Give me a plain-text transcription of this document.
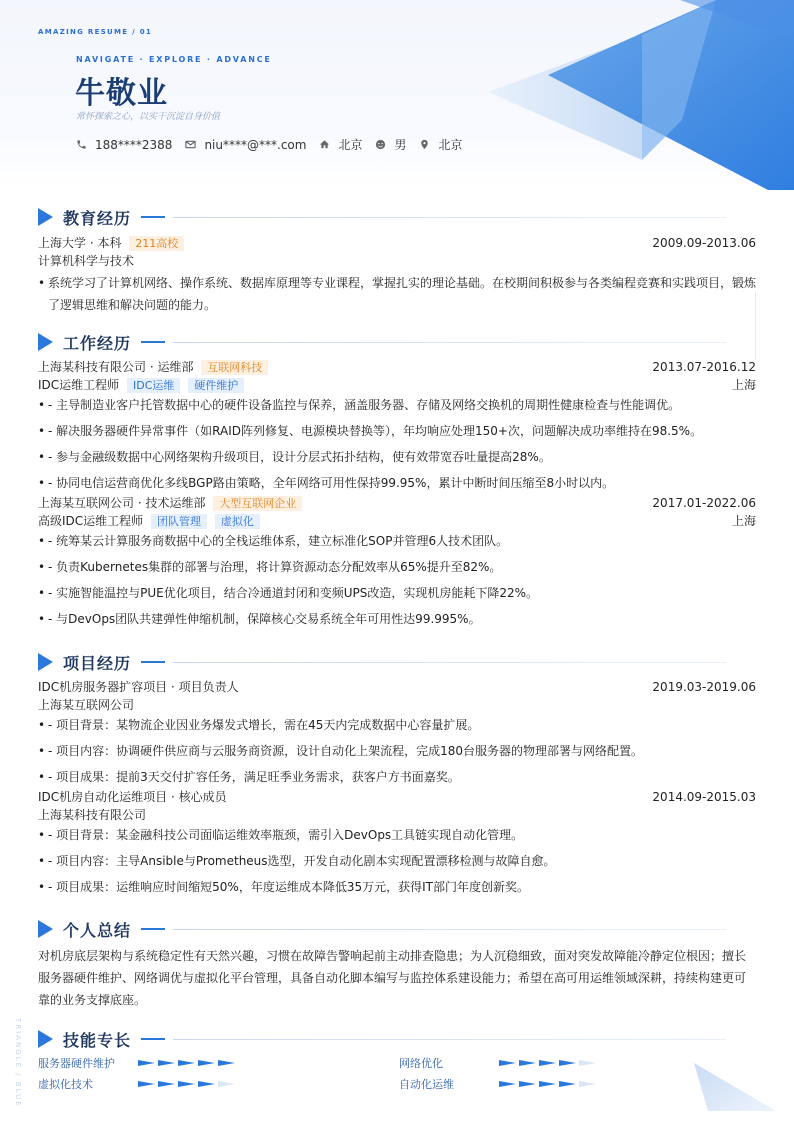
AMAZING RESUME / 01
NAVIGATE · EXPLORE · ADVANCE
牛敬业
常怀探索之心，以实干沉淀自身价值
188****2388	niu****@***.com	北京	男	北京
教育经历
上海大学 · 本科 211高校	2009.09-2013.06
计算机科学与技术
• 系统学习了计算机网络、操作系统、数据库原理等专业课程，掌握扎实的理论基础。在校期间积极参与各类编程竞赛和实践项目，锻炼了逻辑思维和解决问题的能力。
工作经历
上海某科技有限公司 · 运维部 互联网科技	2013.07-2016.12
IDC运维工程师 IDC运维 硬件维护	上海
• - 主导制造业客户托管数据中心的硬件设备监控与保养，涵盖服务器、存储及网络交换机的周期性健康检查与性能调优。
• - 解决服务器硬件异常事件（如RAID阵列修复、电源模块替换等），年均响应处理150+次，问题解决成功率维持在98.5%。
• - 参与金融级数据中心网络架构升级项目，设计分层式拓扑结构，使有效带宽吞吐量提高28%。
• - 协同电信运营商优化多线BGP路由策略，全年网络可用性保持99.95%，累计中断时间压缩至8小时以内。
上海某互联网公司 · 技术运维部 大型互联网企业	2017.01-2022.06
高级IDC运维工程师 团队管理 虚拟化	上海
• - 统筹某云计算服务商数据中心的全栈运维体系，建立标准化SOP并管理6人技术团队。
• - 负责Kubernetes集群的部署与治理，将计算资源动态分配效率从65%提升至82%。
• - 实施智能温控与PUE优化项目，结合冷通道封闭和变频UPS改造，实现机房能耗下降22%。
• - 与DevOps团队共建弹性伸缩机制，保障核心交易系统全年可用性达99.995%。
项目经历
IDC机房服务器扩容项目 · 项目负责人	2019.03-2019.06
上海某互联网公司
• - 项目背景：某物流企业因业务爆发式增长，需在45天内完成数据中心容量扩展。
• - 项目内容：协调硬件供应商与云服务商资源，设计自动化上架流程，完成180台服务器的物理部署与网络配置。
• - 项目成果：提前3天交付扩容任务，满足旺季业务需求，获客户方书面嘉奖。
IDC机房自动化运维项目 · 核心成员	2014.09-2015.03
上海某科技有限公司
• - 项目背景：某金融科技公司面临运维效率瓶颈，需引入DevOps工具链实现自动化管理。
• - 项目内容：主导Ansible与Prometheus选型，开发自动化剧本实现配置漂移检测与故障自愈。
• - 项目成果：运维响应时间缩短50%，年度运维成本降低35万元，获得IT部门年度创新奖。
个人总结
对机房底层架构与系统稳定性有天然兴趣，习惯在故障告警响起前主动排查隐患；为人沉稳细致，面对突发故障能冷静定位根因；擅长服务器硬件维护、网络调优与虚拟化平台管理，具备自动化脚本编写与监控体系建设能力；希望在高可用运维领域深耕，持续构建更可靠的业务支撑底座。
技能专长
服务器硬件维护	网络优化
虚拟化技术	自动化运维
TRIANGLE / BLUE
